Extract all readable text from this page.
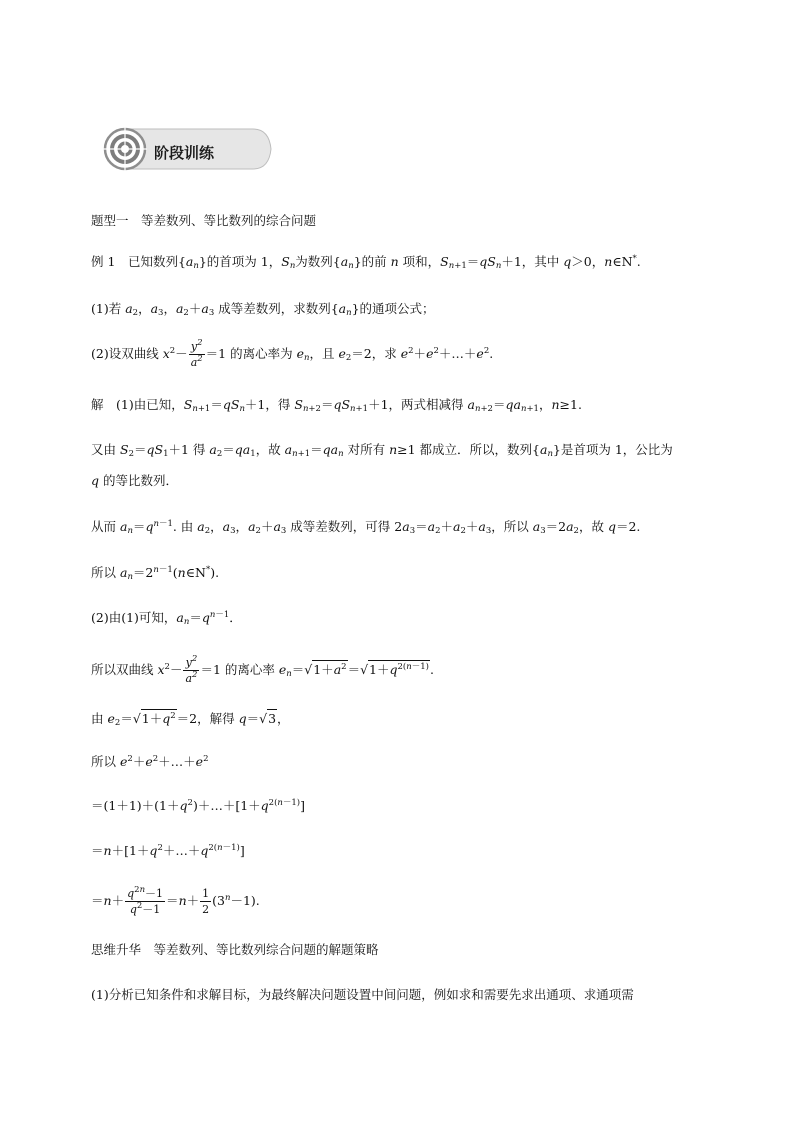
阶段训练
题型一　等差数列、等比数列的综合问题
例 1　 已知数列$\{a_n\}$的首项为 1，$S_n$为数列$\{a_n\}$的前 n 项和，$S_{n+1}=qS_n+1$，其中 q＞0，n∈N*.
(1)若 $a_2$，$a_3$，$a_2+a_3$ 成等差数列，求数列$\{a_n\}$的通项公式；
(2)设双曲线 $x^2- \frac{y^2}{a^2} =1$ 的离心率为 $e_n$，且 $e_2=2$，求 $e^2+e^2+\dots+e^2$.
解　 (1)由已知，$S_{n+1}=qS_n+1$，得 $S_{n+2}=qS_{n+1}+1$，两式相减得 $a_{n+2}=qa_{n+1}$，n≥1.
又由 $S_2=qS_1+1$ 得 $a_2=qa_1$，故 $a_{n+1}=qa_n$ 对所有 n≥1 都成立．所以，数列$\{a_n\}$是首项为 1，公比为
q 的等比数列．
从而 $a_n=q^{n-1}$. 由 $a_2$，$a_3$，$a_2+a_3$ 成等差数列，可得 $2a_3=a_2+a_2+a_3$，所以 $a_3=2a_2$，故 q＝2.
所以 $a_n=2^{n-1}(n\in N^*)$.
(2)由(1)可知，$a_n=q^{n-1}$．
所以双曲线 $x^2- \frac{y^2}{a^2} =1$ 的离心率 $e_n=√1+a^2=√1+q^{2(n-1)}$.
由 $e_2=√1+q^2=2$，解得 q＝√3，
所以 $e^2+e^2+\dots+e^2$
$=(1+1)+(1+q^2)+\dots+[1+q^{2(n-1)}]$
$=n+[1+q^2+\dots+q^{2(n-1)}]$
$=n+ \frac{q^{2n}-1}{q^2-1} =n+ \frac{1}{2} (3^n-1)$.
思维升华　等差数列、等比数列综合问题的解题策略
(1)分析已知条件和求解目标，为最终解决问题设置中间问题，例如求和需要先求出通项、求通项需
